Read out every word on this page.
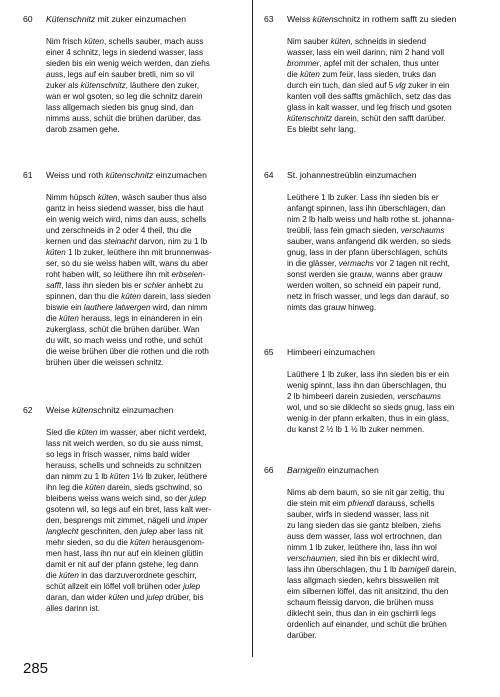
60 Kütenschnitz mit zuker einzumachen
Nim frisch küten, schells sauber, mach auss
einer 4 schnitz, legs in siedend wasser, lass
sieden bis ein wenig weich werden, dan ziehs
auss, legs auf ein sauber bretli, nim so vil
zuker als kütenschnitz, läuthere den zuker,
wan er wol gsoten, so leg die schnitz darein
lass allgemach sieden bis gnug sind, dan
nimms auss, schüt die brühen darüber, das
darob zsamen gehe.
61 Weiss und roth kütenschnitz einzumachen
Nimm hüpsch küten, wäsch sauber thus also
gantz in heiss siedend wasser, biss die haut
ein wenig weich wird, nims dan auss, schells
und zerschneids in 2 oder 4 theil, thu die
kernen und das steinacht darvon, nim zu 1 lb
küten 1 lb zuker, leüthere ihn mit brunnenwas-
ser, so du sie weiss haben wilt, wans du aber
roht haben wilt, so leüthere ihn mit erbselen-
safft, lass ihn sieden bis er schier anhebt zu
spinnen, dan thu die küten darein, lass sieden
biswie ein lauthere latwergen wird, dan nimm
die küten herauss, legs in einanderen in ein
zukerglass, schüt die brühen darüber. Wan
du wilt, so mach weiss und rothe, und schüt
die weise brühen über die rothen und die roth
brühen über die weissen schnitz.
62 Weise kütenschnitz einzumachen
Sied die küten im wasser, aber nicht verdekt,
lass nit weich werden, so du sie auss nimst,
so legs in frisch wasser, nims bald wider
herauss, schells und schneids zu schnitzen
dan nimm zu 1 lb küten 1½ lb zuker, leüthere
ihn leg die küten darein, sieds gschwind, so
bleibens weiss wans weich sind, so der julep
gsotenn wil, so legs auf ein bret, lass kalt wer-
den, besprengs mit zimmet, nägeli und imper
langlecht geschniten, den julep aber lass nit
mehr sieden, so du die küten herausgenom-
men hast, lass ihn nur auf ein kleinen glütlin
damit er nit auf der pfann gstehe, leg dann
die küten in das darzuverordnete geschirr,
schüt allzeit ein löffel voll brühen oder julep
daran, dan wider küten und julep drüber, bis
alles darinn ist.
63 Weiss kütenschnitz in rothem safft zu sieden
Nim sauber küten, schneids in siedend
wasser, lass ein weil darinn, nim 2 hand voll
brommer, apfel mit der schalen, thus unter
die küten zum feür, lass sieden, truks dan
durch ein tuch, dan sied auf 5 vlg zuker in ein
kanten voll des saffts gmächlich, setz das das
glass in kalt wasser, und leg frisch und gsoten
kütenschnitz darein, schüt den safft darüber.
Es bleibt sehr lang.
64 St. johannestreüblin einzumachen
Leüthere 1 lb zuker. Lass ihn sieden bis er
anfangt spinnen, lass ihn überschlagen, dan
nim 2 lb halb weiss und halb rothe st. johanna-
treüblí, lass fein gmach sieden, verschaums
sauber, wans anfangend dik werden, so sieds
gnug, lass in der pfann überschlagen, schüts
in die glässer, vermachs vor 2 tagen nit recht,
sonst werden sie grauw, wanns aber grauw
werden wolten, so schneid ein papeir rund,
netz in frisch wasser, und legs dan darauf, so
nimts das grauw hinweg.
65 Himbeeri einzumachen
Laüthere 1 lb zuker, lass ihn sieden bis er ein
wenig spinnt, lass ihn dan überschlagen, thu
2 lb himbeeri darein zusieden, verschaums
wol, und so sie diklecht so sieds gnug, lass ein
wenig in der pfann erkalten, thus in ein glass,
du kanst 2 ½ lb 1 ½ lb zuker nemmen.
66 Barnigelin einzumachen
Nims ab dem baum, so sie nit gar zeitig, thu
die stein mit eim pfriendl darauss, schells
sauber, wirfs in siedend wasser, lass nit
zu lang sieden das sie gantz bleiben, ziehs
auss dem wasser, lass wol ertrochnen, dan
nimm 1 lb zuker, leüthere ihn, lass ihn wol
verschaumen, sied ihn bis er diklecht wird,
lass ihn überschlagen, thu 1 lb barnigeli darein,
lass allgmach sieden, kehrs bissweilen mit
eim silbernen löffel, das nit ansitzind, thu den
schaum fleissig darvon, die brühen muss
diklecht sein, thus dan in ein gschirrli legs
ordenlich auf einander, und schüt die brühen
darüber.
285
